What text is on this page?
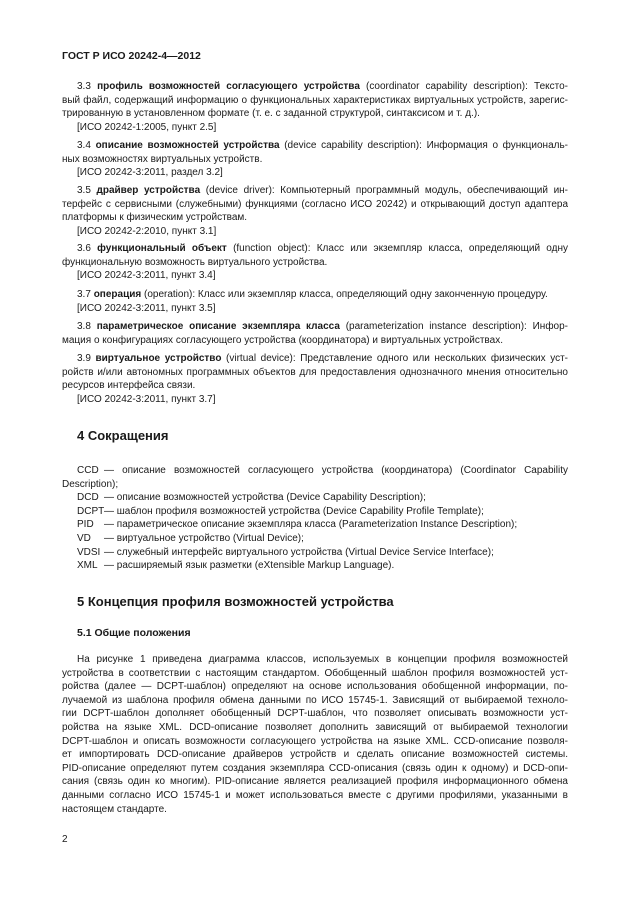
ГОСТ Р ИСО 20242-4—2012
3.3 профиль возможностей согласующего устройства (coordinator capability description): Тексто-
вый файл, содержащий информацию о функциональных характеристиках виртуальных устройств, зарегис-
трированную в установленном формате (т. е. с заданной структурой, синтаксисом и т. д.).
[ИСО 20242-1:2005, пункт 2.5]
3.4 описание возможностей устройства (device capability description): Информация о функциональ-
ных возможностях виртуальных устройств.
[ИСО 20242-3:2011, раздел 3.2]
3.5 драйвер устройства (device driver): Компьютерный программный модуль, обеспечивающий ин-
терфейс с сервисными (служебными) функциями (согласно ИСО 20242) и открывающий доступ адаптера
платформы к физическим устройствам.
[ИСО 20242-2:2010, пункт 3.1]
3.6 функциональный объект (function object): Класс или экземпляр класса, определяющий одну
функциональную возможность виртуального устройства.
[ИСО 20242-3:2011, пункт 3.4]
3.7 операция (operation): Класс или экземпляр класса, определяющий одну законченную процедуру.
[ИСО 20242-3:2011, пункт 3.5]
3.8 параметрическое описание экземпляра класса (parameterization instance description): Инфор-
мация о конфигурациях согласующего устройства (координатора) и виртуальных устройствах.
3.9 виртуальное устройство (virtual device): Представление одного или нескольких физических уст-
ройств и/или автономных программных объектов для предоставления однозначного мнения относительно
ресурсов интерфейса связи.
[ИСО 20242-3:2011, пункт 3.7]
4 Сокращения
CCD — описание возможностей согласующего устройства (координатора) (Coordinator Capability
Description);
DCD — описание возможностей устройства (Device Capability Description);
DCPT— шаблон профиля возможностей устройства (Device Capability Profile Template);
PID — параметрическое описание экземпляра класса (Parameterization Instance Description);
VD — виртуальное устройство (Virtual Device);
VDSI — служебный интерфейс виртуального устройства (Virtual Device Service Interface);
XML — расширяемый язык разметки (eXtensible Markup Language).
5 Концепция профиля возможностей устройства
5.1 Общие положения
На рисунке 1 приведена диаграмма классов, используемых в концепции профиля возможностей
устройства в соответствии с настоящим стандартом. Обобщенный шаблон профиля возможностей уст-
ройства (далее — DCPT-шаблон) определяют на основе использования обобщенной информации, по-
лучаемой из шаблона профиля обмена данными по ИСО 15745-1. Зависящий от выбираемой техноло-
гии DCPT-шаблон дополняет обобщенный DCPT-шаблон, что позволяет описывать возможности уст-
ройства на языке XML. DCD-описание позволяет дополнить зависящий от выбираемой технологии
DCPT-шаблон и описать возможности согласующего устройства на языке XML. CCD-описание позволя-
ет импортировать DCD-описание драйверов устройств и сделать описание возможностей системы.
PID-описание определяют путем создания экземпляра CCD-описания (связь один к одному) и DCD-опи-
сания (связь один ко многим). PID-описание является реализацией профиля информационного обмена
данными согласно ИСО 15745-1 и может использоваться вместе с другими профилями, указанными в
настоящем стандарте.
2
